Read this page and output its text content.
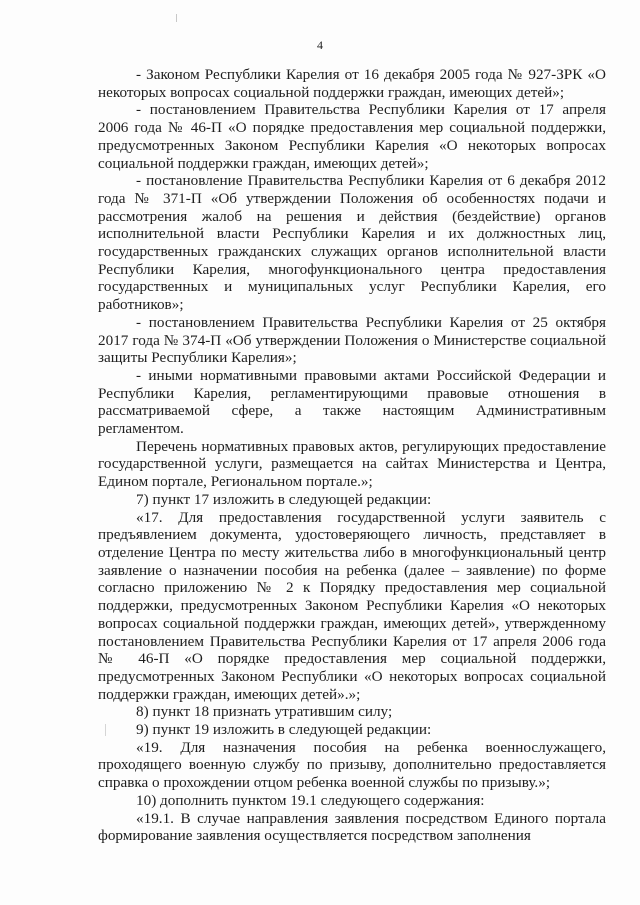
4

- Законом Республики Карелия от 16 декабря 2005 года № 927-ЗРК «О некоторых вопросах социальной поддержки граждан, имеющих детей»;

- постановлением Правительства Республики Карелия от 17 апреля 2006 года № 46-П «О порядке предоставления мер социальной поддержки, предусмотренных Законом Республики Карелия «О некоторых вопросах социальной поддержки граждан, имеющих детей»;

- постановление Правительства Республики Карелия от 6 декабря 2012 года № 371-П «Об утверждении Положения об особенностях подачи и рассмотрения жалоб на решения и действия (бездействие) органов исполнительной власти Республики Карелия и их должностных лиц, государственных гражданских служащих органов исполнительной власти Республики Карелия, многофункционального центра предоставления государственных и муниципальных услуг Республики Карелия, его работников»;

- постановлением Правительства Республики Карелия от 25 октября 2017 года № 374-П «Об утверждении Положения о Министерстве социальной защиты Республики Карелия»;

- иными нормативными правовыми актами Российской Федерации и Республики Карелия, регламентирующими правовые отношения в рассматриваемой сфере, а также настоящим Административным регламентом.

Перечень нормативных правовых актов, регулирующих предоставление государственной услуги, размещается на сайтах Министерства и Центра, Едином портале, Региональном портале.»;

7) пункт 17 изложить в следующей редакции:

«17. Для предоставления государственной услуги заявитель с предъявлением документа, удостоверяющего личность, представляет в отделение Центра по месту жительства либо в многофункциональный центр заявление о назначении пособия на ребенка (далее – заявление) по форме согласно приложению № 2 к Порядку предоставления мер социальной поддержки, предусмотренных Законом Республики Карелия «О некоторых вопросах социальной поддержки граждан, имеющих детей», утвержденному постановлением Правительства Республики Карелия от 17 апреля 2006 года № 46-П «О порядке предоставления мер социальной поддержки, предусмотренных Законом Республики «О некоторых вопросах социальной поддержки граждан, имеющих детей».»;

8) пункт 18 признать утратившим силу;

9) пункт 19 изложить в следующей редакции:

«19. Для назначения пособия на ребенка военнослужащего, проходящего военную службу по призыву, дополнительно предоставляется справка о прохождении отцом ребенка военной службы по призыву.»;

10) дополнить пунктом 19.1 следующего содержания:

«19.1. В случае направления заявления посредством Единого портала формирование заявления осуществляется посредством заполнения
